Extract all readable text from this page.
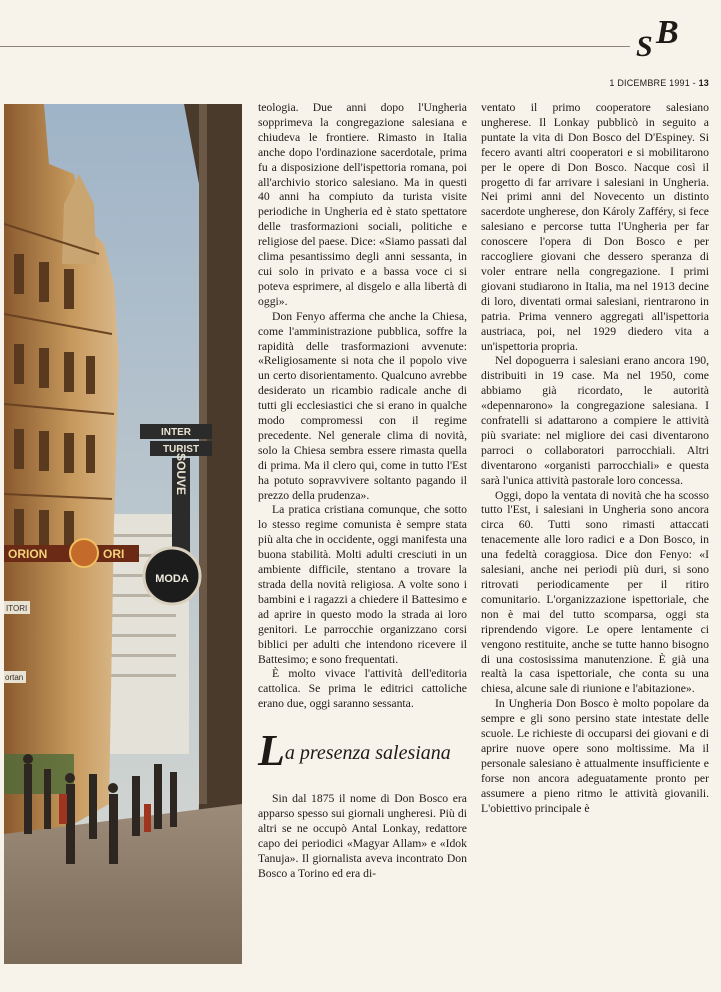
S B
1 DICEMBRE 1991 - 13
INTER
TURIST
SOUVE
MODA
ORION	ORI
ITORI
ortan

teologia. Due anni dopo l'Ungheria sopprimeva la congregazione salesiana e chiudeva le frontiere. Rimasto in Italia anche dopo l'ordinazione sacerdotale, prima fu a disposizione dell'ispettoria romana, poi all'archivio storico salesiano. Ma in questi 40 anni ha compiuto da turista visite periodiche in Ungheria ed è stato spettatore delle trasformazioni sociali, politiche e religiose del paese. Dice: «Siamo passati dal clima pesantissimo degli anni sessanta, in cui solo in privato e a bassa voce ci si poteva esprimere, al disgelo e alla libertà di oggi».

Don Fenyo afferma che anche la Chiesa, come l'amministrazione pubblica, soffre la rapidità delle trasformazioni avvenute: «Religiosamente si nota che il popolo vive un certo disorientamento. Qualcuno avrebbe desiderato un ricambio radicale anche di tutti gli ecclesiastici che si erano in qualche modo compromessi con il regime precedente. Nel generale clima di novità, solo la Chiesa sembra essere rimasta quella di prima. Ma il clero qui, come in tutto l'Est ha potuto sopravvivere soltanto pagando il prezzo della prudenza».

La pratica cristiana comunque, che sotto lo stesso regime comunista è sempre stata più alta che in occidente, oggi manifesta una buona stabilità. Molti adulti cresciuti in un ambiente difficile, stentano a trovare la strada della novità religiosa. A volte sono i bambini e i ragazzi a chiedere il Battesimo e ad aprire in questo modo la strada ai loro genitori. Le parrocchie organizzano corsi biblici per adulti che intendono ricevere il Battesimo; e sono frequentati.

È molto vivace l'attività dell'editoria cattolica. Se prima le editrici cattoliche erano due, oggi saranno sessanta.

La presenza salesiana

Sin dal 1875 il nome di Don Bosco era apparso spesso sui giornali ungheresi. Più di altri se ne occupò Antal Lonkay, redattore capo dei periodici «Magyar Allam» e «Idok Tanuja». Il giornalista aveva incontrato Don Bosco a Torino ed era di-

ventato il primo cooperatore salesiano ungherese. Il Lonkay pubblicò in seguito a puntate la vita di Don Bosco del D'Espiney. Si fecero avanti altri cooperatori e si mobilitarono per le opere di Don Bosco. Nacque così il progetto di far arrivare i salesiani in Ungheria. Nei primi anni del Novecento un distinto sacerdote ungherese, don Károly Zafféry, si fece salesiano e percorse tutta l'Ungheria per far conoscere l'opera di Don Bosco e per raccogliere giovani che dessero speranza di voler entrare nella congregazione. I primi giovani studiarono in Italia, ma nel 1913 decine di loro, diventati ormai salesiani, rientrarono in patria. Prima vennero aggregati all'ispettoria austriaca, poi, nel 1929 diedero vita a un'ispettoria propria.

Nel dopoguerra i salesiani erano ancora 190, distribuiti in 19 case. Ma nel 1950, come abbiamo già ricordato, le autorità «depennarono» la congregazione salesiana. I confratelli si adattarono a compiere le attività più svariate: nel migliore dei casi diventarono parroci o collaboratori parrocchiali. Altri diventarono «organisti parrocchiali» e questa sarà l'unica attività pastorale loro concessa.

Oggi, dopo la ventata di novità che ha scosso tutto l'Est, i salesiani in Ungheria sono ancora circa 60. Tutti sono rimasti attaccati tenacemente alle loro radici e a Don Bosco, in una fedeltà coraggiosa. Dice don Fenyo: «I salesiani, anche nei periodi più duri, si sono ritrovati periodicamente per il ritiro comunitario. L'organizzazione ispettoriale, che non è mai del tutto scomparsa, oggi sta riprendendo vigore. Le opere lentamente ci vengono restituite, anche se tutte hanno bisogno di una costosissima manutenzione. È già una realtà la casa ispettoriale, che conta su una chiesa, alcune sale di riunione e l'abitazione».

In Ungheria Don Bosco è molto popolare da sempre e gli sono persino state intestate delle scuole. Le richieste di occuparsi dei giovani e di aprire nuove opere sono moltissime. Ma il personale salesiano è attualmente insufficiente e forse non ancora adeguatamente pronto per assumere a pieno ritmo le attività giovanili. L'obiettivo principale è
